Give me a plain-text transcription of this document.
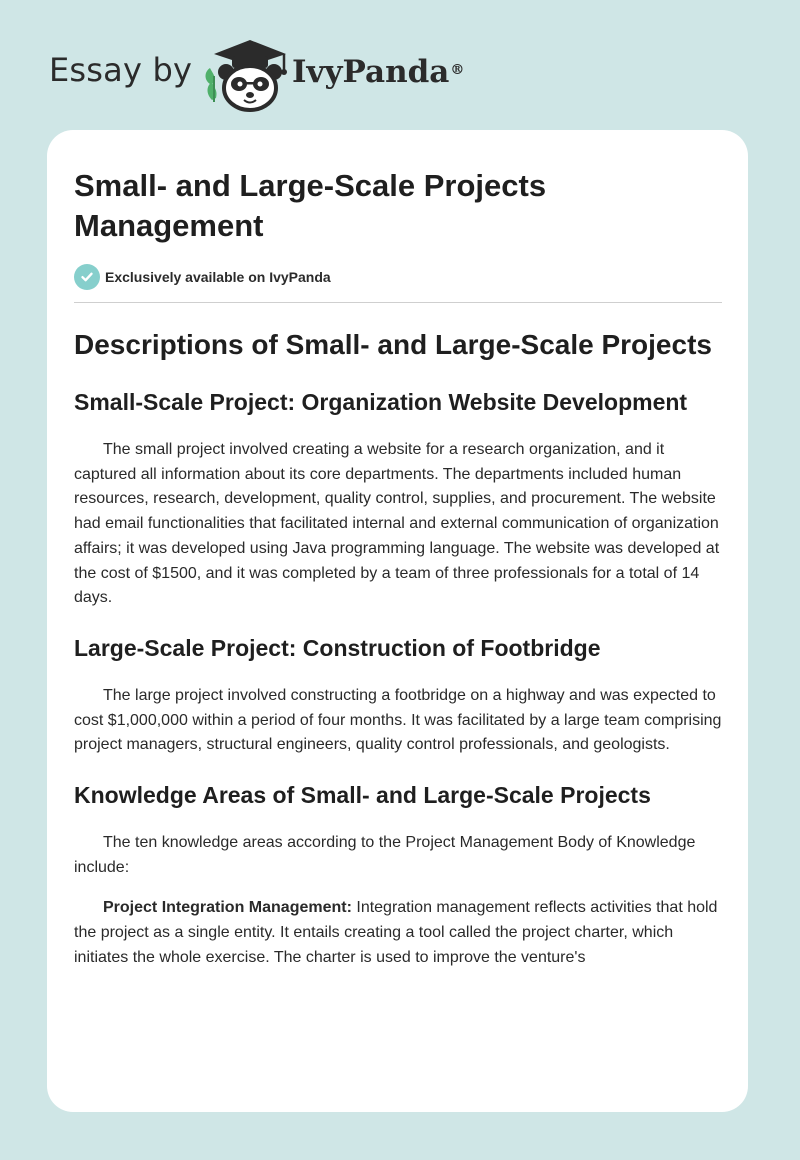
Essay by	IvyPanda®
Small- and Large-Scale Projects Management
Exclusively available on IvyPanda
Descriptions of Small- and Large-Scale Projects
Small-Scale Project: Organization Website Development

The small project involved creating a website for a research organization, and it captured all information about its core departments. The departments included human resources, research, development, quality control, supplies, and procurement. The website had email functionalities that facilitated internal and external communication of organization affairs; it was developed using Java programming language. The website was developed at the cost of $1500, and it was completed by a team of three professionals for a total of 14 days.

Large-Scale Project: Construction of Footbridge

The large project involved constructing a footbridge on a highway and was expected to cost $1,000,000 within a period of four months. It was facilitated by a large team comprising project managers, structural engineers, quality control professionals, and geologists.

Knowledge Areas of Small- and Large-Scale Projects

The ten knowledge areas according to the Project Management Body of Knowledge include:

Project Integration Management: Integration management reflects activities that hold the project as a single entity. It entails creating a tool called the project charter, which initiates the whole exercise. The charter is used to improve the venture's
